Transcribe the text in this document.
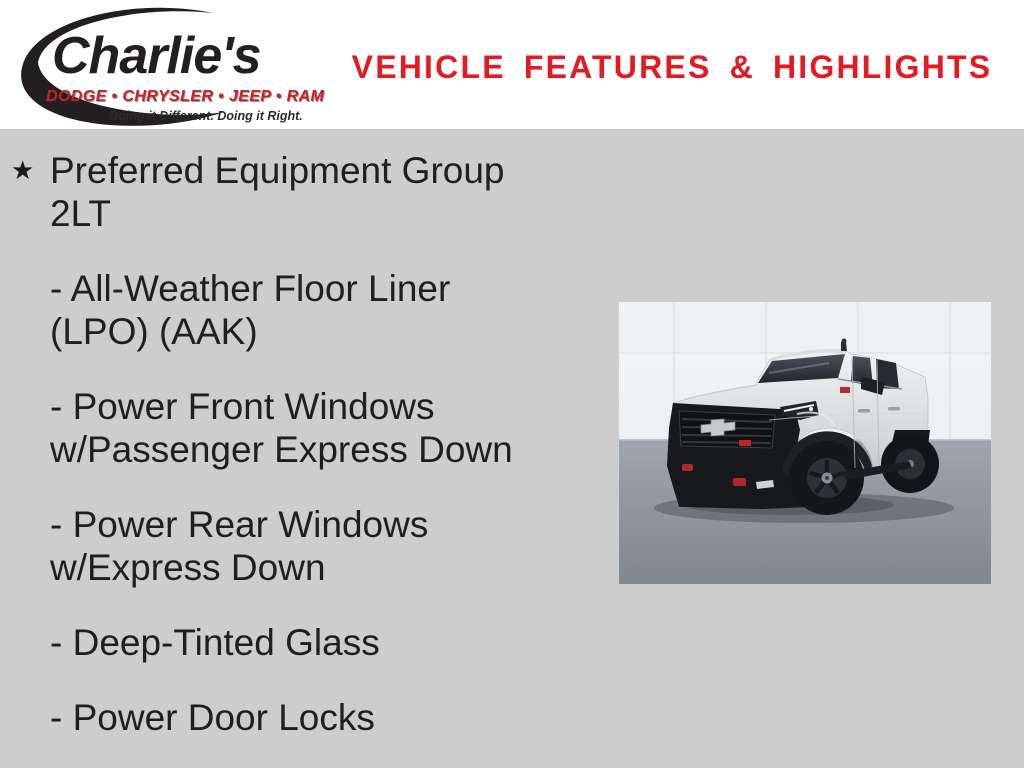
Charlie's
DODGE • CHRYSLER • JEEP • RAM
Doing it Different. Doing it Right.
VEHICLE FEATURES & HIGHLIGHTS
★ Preferred Equipment Group
2LT
- All-Weather Floor Liner
(LPO) (AAK)
- Power Front Windows
w/Passenger Express Down
- Power Rear Windows
w/Express Down
- Deep-Tinted Glass
- Power Door Locks
